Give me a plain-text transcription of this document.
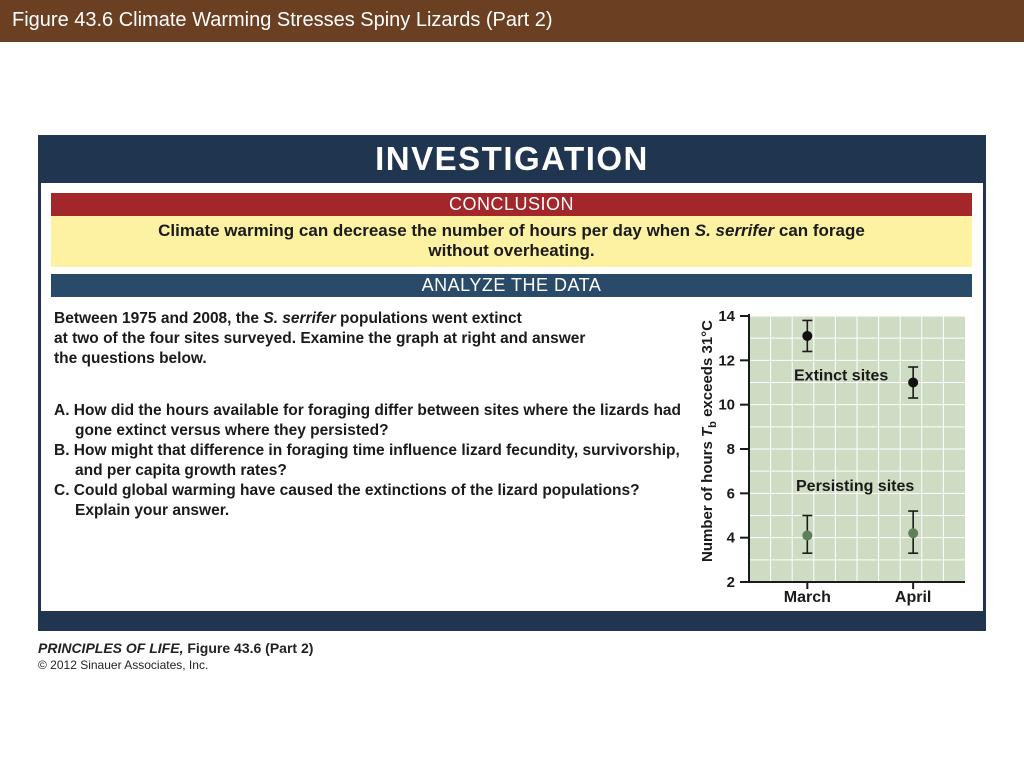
Figure 43.6 Climate Warming Stresses Spiny Lizards (Part 2)
INVESTIGATION
CONCLUSION
Climate warming can decrease the number of hours per day when S. serrifer can forage
without overheating.
ANALYZE THE DATA
Between 1975 and 2008, the S. serrifer populations went extinct
at two of the four sites surveyed. Examine the graph at right and answer
the questions below.

A. How did the hours available for foraging differ between sites where the lizards had gone extinct versus where they persisted?

B. How might that difference in foraging time influence lizard fecundity, survivorship, and per capita growth rates?

C. Could global warming have caused the extinctions of the lizard populations? Explain your answer.

2
4
6
8
10
12
14
March	April
Extinct sites
Persisting sites
Number of hours $T_b$ exceeds 31°C
PRINCIPLES OF LIFE, Figure 43.6 (Part 2)
© 2012 Sinauer Associates, Inc.
